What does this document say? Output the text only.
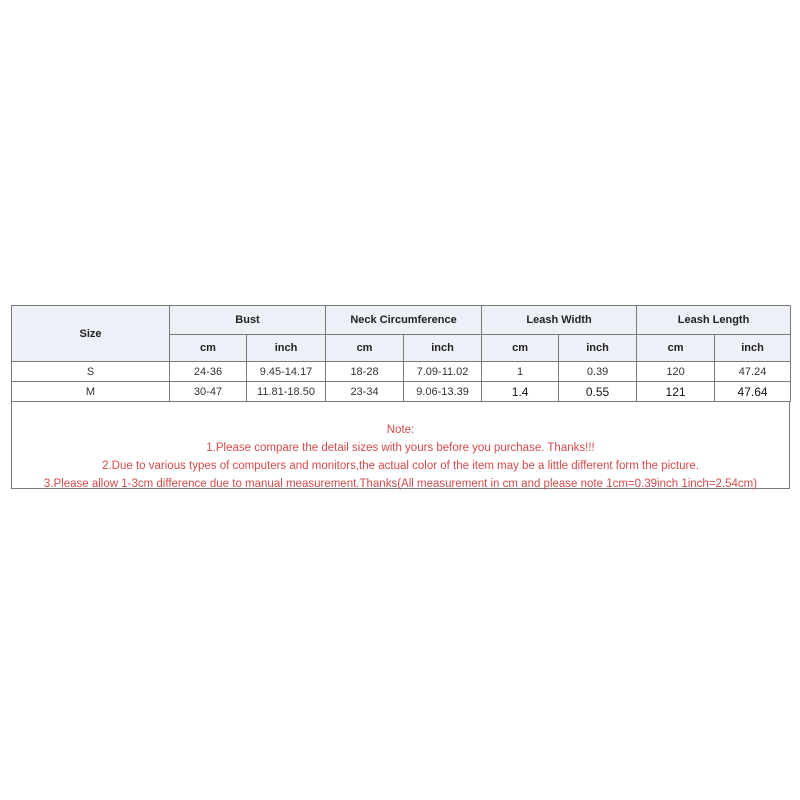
Size	Bust		Neck Circumference		Leash Width		Leash Length	
	cm	inch	cm	inch	cm	inch	cm	inch
S	24-36	9.45-14.17	18-28	7.09-11.02	1	0.39	120	47.24
M	30-47	11.81-18.50	23-34	9.06-13.39	1.4	0.55	121	47.64
Note:
1.Please compare the detail sizes with yours before you purchase. Thanks!!!
2.Due to various types of computers and monitors,the actual color of the item may be a little different form the picture.
3.Please allow 1-3cm difference due to manual measurement.Thanks(All measurement in cm and please note 1cm=0.39inch 1inch=2.54cm)
